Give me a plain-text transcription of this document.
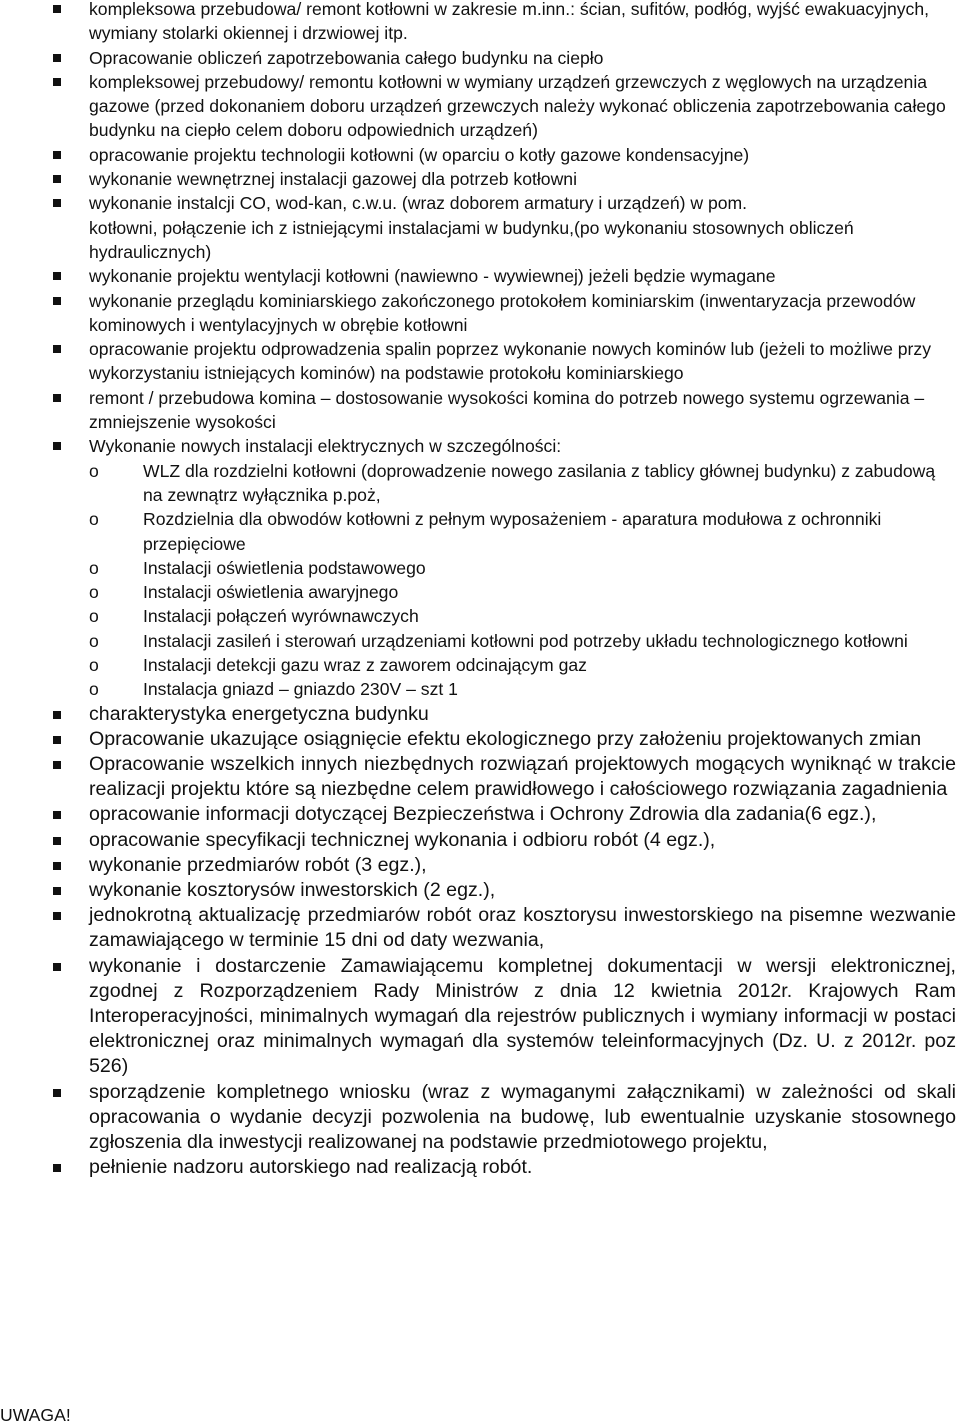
kompleksowa przebudowa/ remont kotłowni w zakresie m.inn.: ścian, sufitów, podłóg, wyjść ewakuacyjnych, wymiany stolarki okiennej i drzwiowej itp.
Opracowanie obliczeń zapotrzebowania całego budynku na ciepło
kompleksowej przebudowy/ remontu kotłowni w wymiany urządzeń grzewczych z węglowych na urządzenia gazowe (przed dokonaniem doboru urządzeń grzewczych należy wykonać obliczenia zapotrzebowania całego budynku na ciepło celem doboru odpowiednich urządzeń)
opracowanie projektu technologii kotłowni (w oparciu o kotły gazowe kondensacyjne)
wykonanie wewnętrznej instalacji gazowej dla potrzeb kotłowni
wykonanie instalcji CO, wod-kan, c.w.u. (wraz doborem armatury i urządzeń) w pom.
kotłowni, połączenie ich z istniejącymi instalacjami w budynku,(po wykonaniu stosownych obliczeń hydraulicznych)
wykonanie projektu wentylacji kotłowni (nawiewno - wywiewnej) jeżeli będzie wymagane
wykonanie przeglądu kominiarskiego zakończonego protokołem kominiarskim (inwentaryzacja przewodów kominowych i wentylacyjnych w obrębie kotłowni
opracowanie projektu odprowadzenia spalin poprzez wykonanie nowych kominów lub (jeżeli to możliwe przy wykorzystaniu istniejących kominów) na podstawie protokołu kominiarskiego
remont / przebudowa komina – dostosowanie wysokości komina do potrzeb nowego systemu ogrzewania – zmniejszenie wysokości
Wykonanie nowych instalacji elektrycznych w szczególności:
o	WLZ dla rozdzielni kotłowni (doprowadzenie nowego zasilania z tablicy głównej budynku) z zabudową na zewnątrz wyłącznika p.poż,
o	Rozdzielnia dla obwodów kotłowni z pełnym wyposażeniem - aparatura modułowa z ochronniki przepięciowe
o	Instalacji oświetlenia podstawowego
o	Instalacji oświetlenia awaryjnego
o	Instalacji połączeń wyrównawczych
o	Instalacji zasileń i sterowań urządzeniami kotłowni pod potrzeby układu technologicznego kotłowni
o	Instalacji detekcji gazu wraz z zaworem odcinającym gaz
o	Instalacja gniazd – gniazdo 230V – szt 1
charakterystyka energetyczna budynku
Opracowanie ukazujące osiągnięcie efektu ekologicznego przy założeniu projektowanych zmian
Opracowanie wszelkich innych niezbędnych rozwiązań projektowych mogących wyniknąć w trakcie realizacji projektu które są niezbędne celem prawidłowego i całościowego rozwiązania zagadnienia
opracowanie informacji dotyczącej Bezpieczeństwa i Ochrony Zdrowia dla zadania(6 egz.),
opracowanie specyfikacji technicznej wykonania i odbioru robót (4 egz.),
wykonanie przedmiarów robót (3 egz.),
wykonanie kosztorysów inwestorskich (2 egz.),
jednokrotną aktualizację przedmiarów robót oraz kosztorysu inwestorskiego na pisemne wezwanie zamawiającego w terminie 15 dni od daty wezwania,
wykonanie i dostarczenie Zamawiającemu kompletnej dokumentacji w wersji elektronicznej, zgodnej z Rozporządzeniem Rady Ministrów z dnia 12 kwietnia 2012r. Krajowych Ram Interoperacyjności, minimalnych wymagań dla rejestrów publicznych i wymiany informacji w postaci elektronicznej oraz minimalnych wymagań dla systemów teleinformacyjnych (Dz. U. z 2012r. poz 526)
sporządzenie kompletnego wniosku (wraz z wymaganymi załącznikami) w zależności od skali opracowania o wydanie decyzji pozwolenia na budowę, lub ewentualnie uzyskanie stosownego zgłoszenia dla inwestycji realizowanej na podstawie przedmiotowego projektu,
pełnienie nadzoru autorskiego nad realizacją robót.
UWAGA!
